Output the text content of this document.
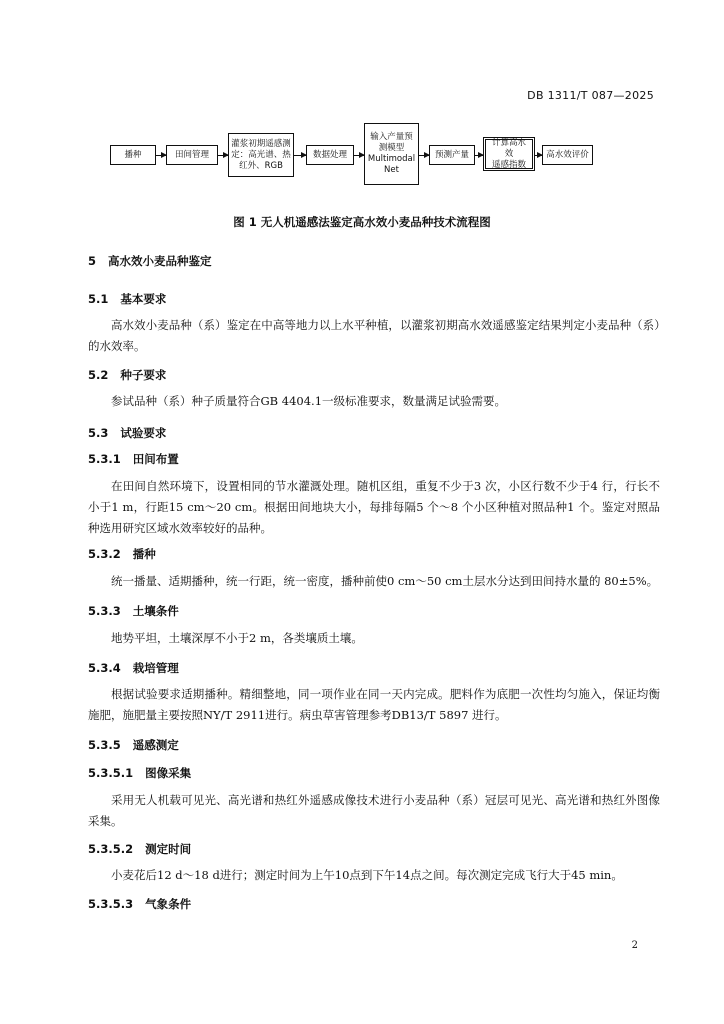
DB 1311/T 087—2025
播种	田间管理
灌浆初期遥感测
定：高光谱、热
红外、RGB
数据处理
输入产量预
测模型
Multimodal
Net
预测产量
计算高水效
遥感指数
高水效评价
图 1 无人机遥感法鉴定高水效小麦品种技术流程图
5 高水效小麦品种鉴定
5.1 基本要求
高水效小麦品种（系）鉴定在中高等地力以上水平种植，以灌浆初期高水效遥感鉴定结果判定小麦品种（系）的水效率。
5.2 种子要求
参试品种（系）种子质量符合GB 4404.1一级标准要求，数量满足试验需要。
5.3 试验要求
5.3.1 田间布置
在田间自然环境下，设置相同的节水灌溉处理。随机区组，重复不少于3 次，小区行数不少于4 行，行长不小于1 m，行距15 cm～20 cm。根据田间地块大小，每排每隔5 个～8 个小区种植对照品种1 个。鉴定对照品种选用研究区域水效率较好的品种。
5.3.2 播种
统一播量、适期播种，统一行距，统一密度，播种前使0 cm～50 cm土层水分达到田间持水量的 80±5%。
5.3.3 土壤条件
地势平坦，土壤深厚不小于2 m，各类壤质土壤。
5.3.4 栽培管理
根据试验要求适期播种。精细整地，同一项作业在同一天内完成。肥料作为底肥一次性均匀施入，保证均衡施肥，施肥量主要按照NY/T 2911进行。病虫草害管理参考DB13/T 5897 进行。
5.3.5 遥感测定
5.3.5.1 图像采集
采用无人机载可见光、高光谱和热红外遥感成像技术进行小麦品种（系）冠层可见光、高光谱和热红外图像采集。
5.3.5.2 测定时间
小麦花后12 d～18 d进行；测定时间为上午10点到下午14点之间。每次测定完成飞行大于45 min。
5.3.5.3 气象条件
2
